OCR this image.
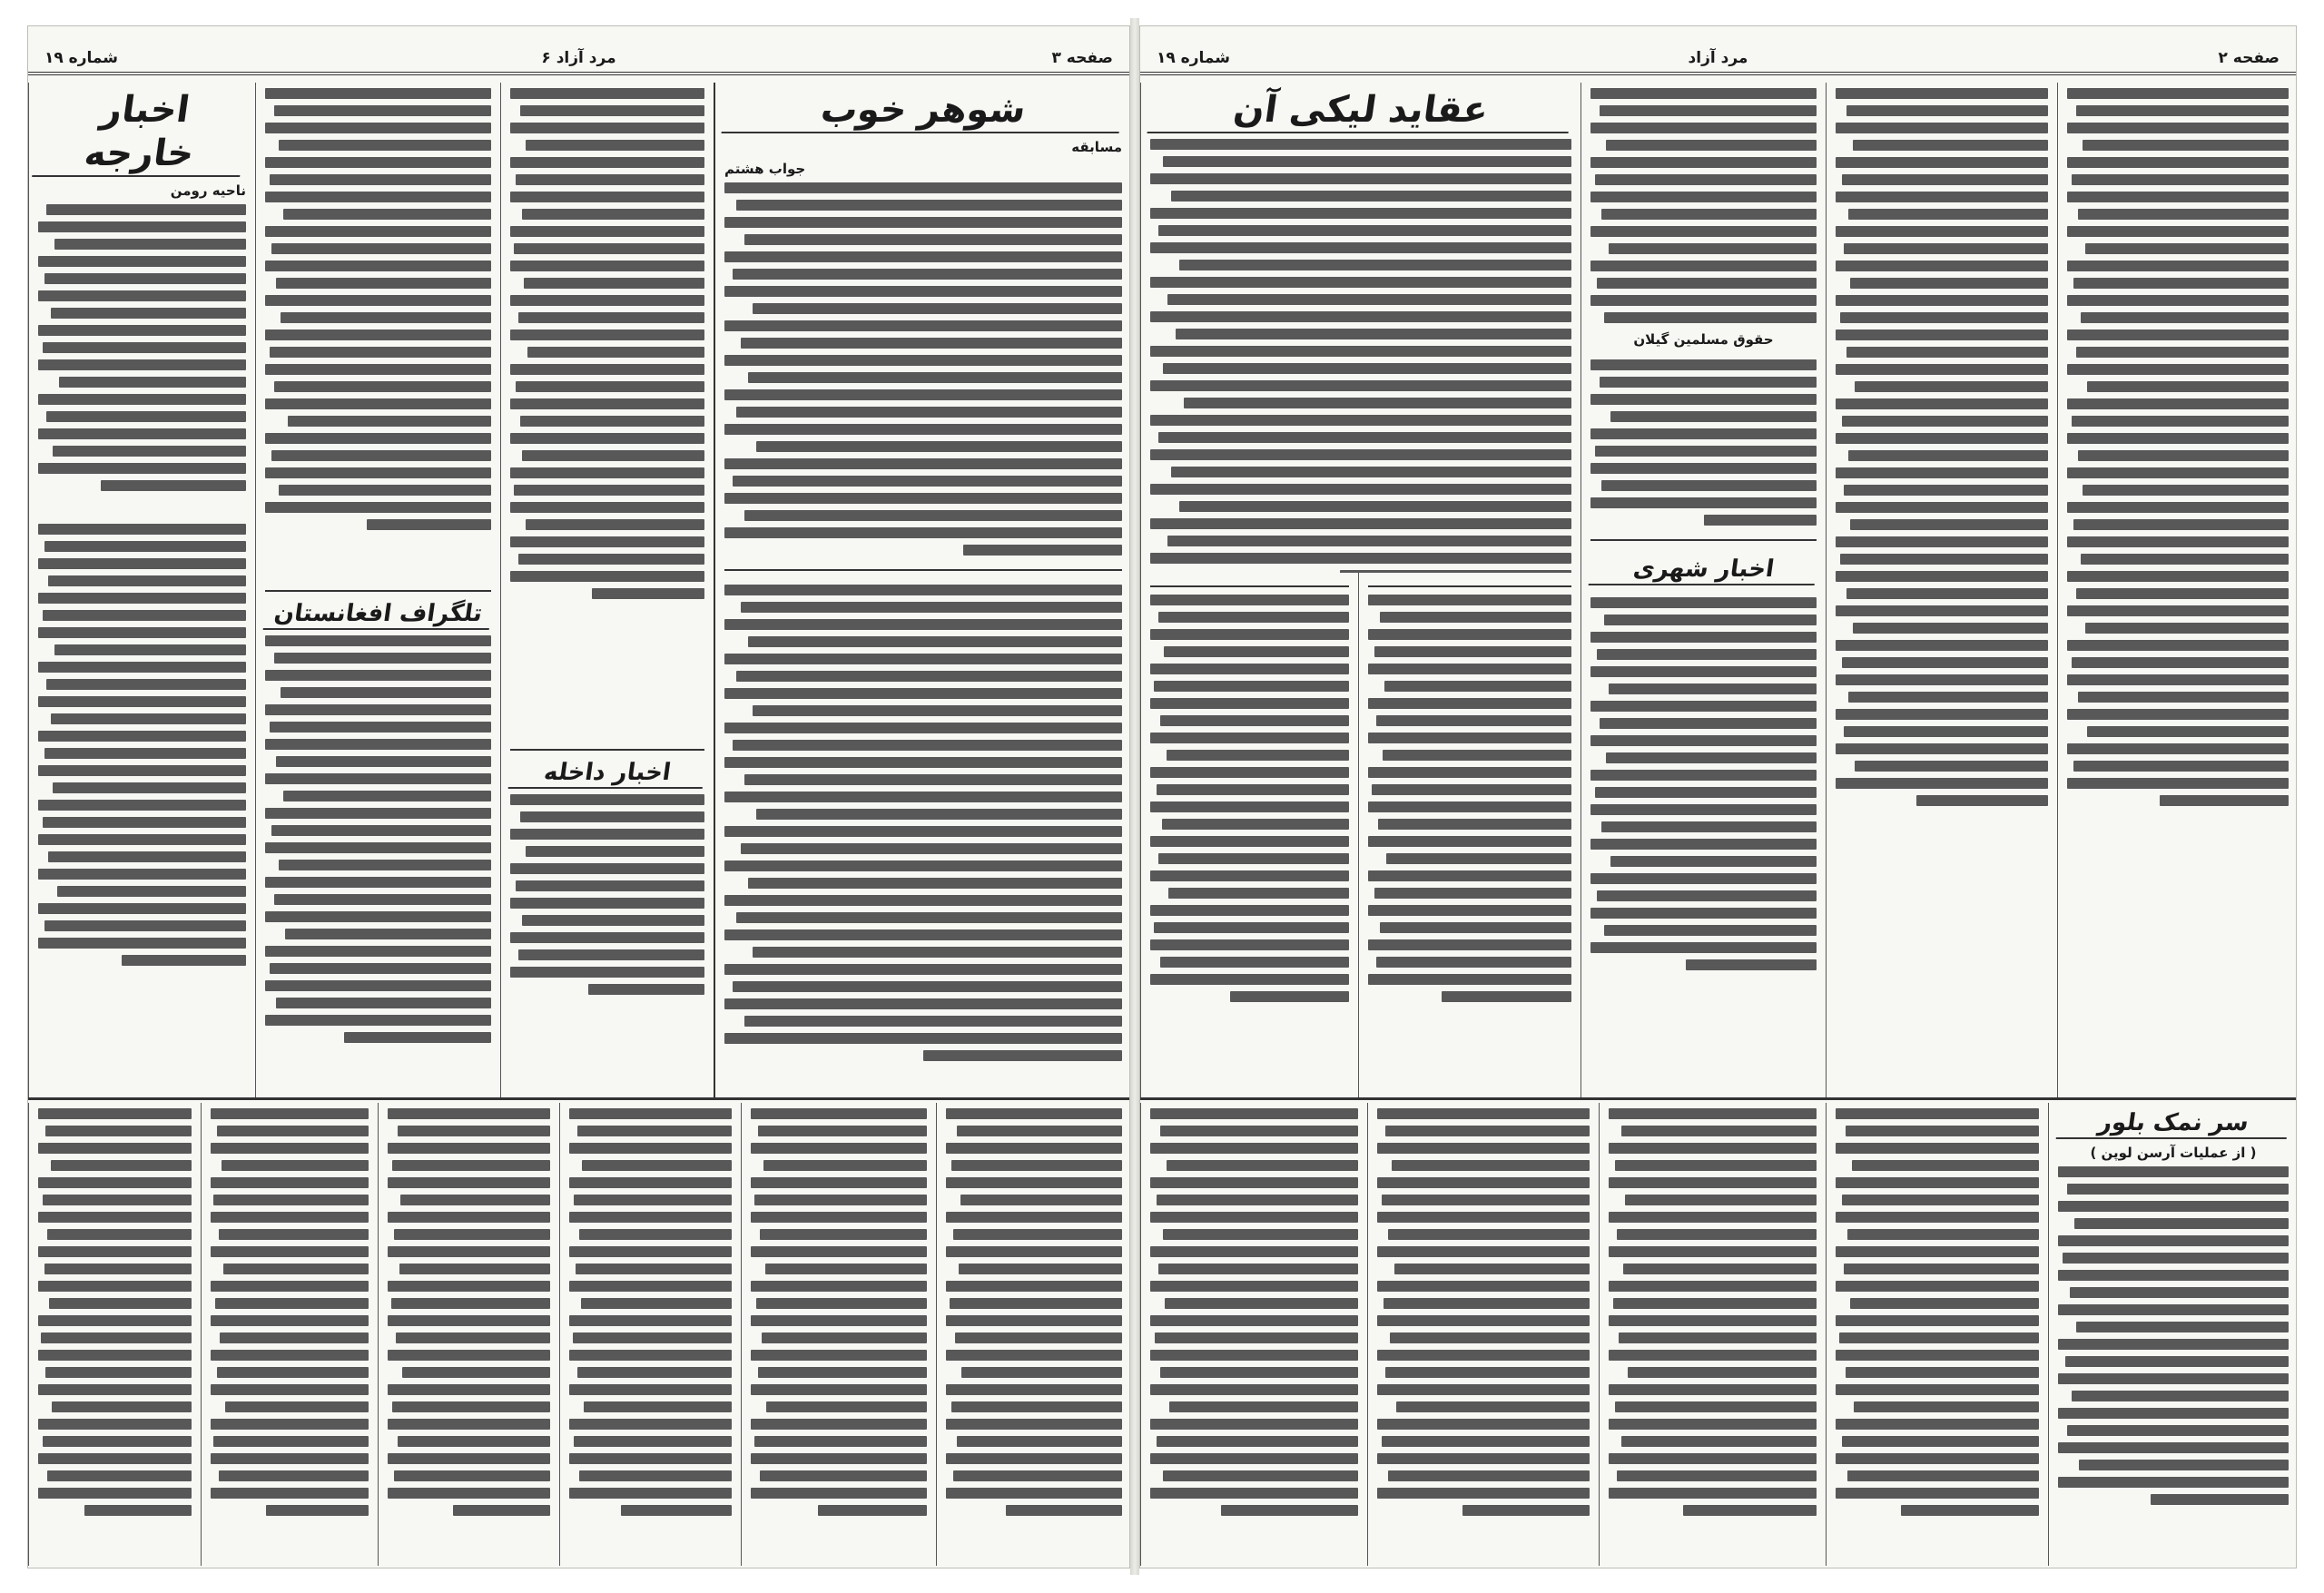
صفحه ۳
مرد آزاد ۶
شماره ۱۹
اخبار خارجه
ناحیه رومن
تلگراف افغانستان
اخبار داخله
شوهر خوب
مسابقه
جواب هشتم
صفحه ۲
مرد آزاد
شماره ۱۹
عقاید لیکی آن
حقوق مسلمین گیلان
اخبار شهری
سر نمک بلور
( از عملیات آرسن لوپن )
